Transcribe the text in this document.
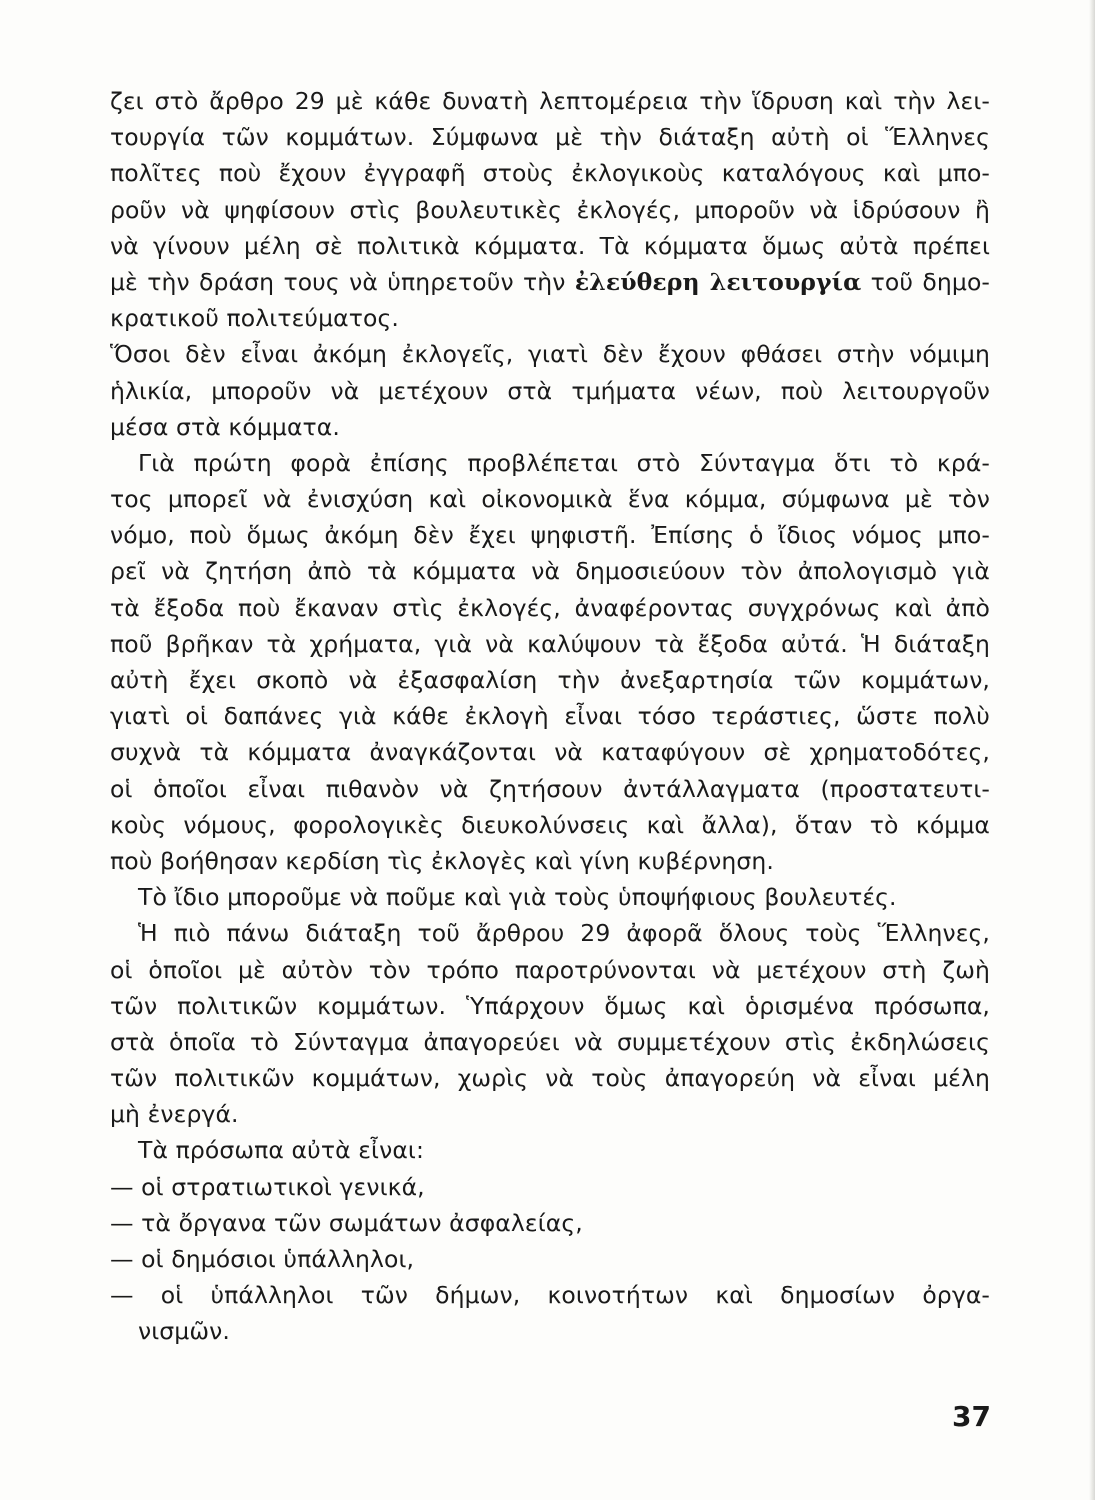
ζει στὸ ἄρθρο 29 μὲ κάθε δυνατὴ λεπτομέρεια τὴν ἵδρυση καὶ τὴν λει-
τουργία τῶν κομμάτων. Σύμφωνα μὲ τὴν διάταξη αὐτὴ οἱ Ἕλληνες
πολῖτες ποὺ ἔχουν ἐγγραφῆ στοὺς ἐκλογικοὺς καταλόγους καὶ μπο-
ροῦν νὰ ψηφίσουν στὶς βουλευτικὲς ἐκλογές, μποροῦν νὰ ἱδρύσουν ἢ
νὰ γίνουν μέλη σὲ πολιτικὰ κόμματα. Τὰ κόμματα ὅμως αὐτὰ πρέπει
μὲ τὴν δράση τους νὰ ὑπηρετοῦν τὴν ἐλεύθερη λειτουργία τοῦ δημο-
κρατικοῦ πολιτεύματος.
Ὅσοι δὲν εἶναι ἀκόμη ἐκλογεῖς, γιατὶ δὲν ἔχουν φθάσει στὴν νόμιμη
ἡλικία, μποροῦν νὰ μετέχουν στὰ τμήματα νέων, ποὺ λειτουργοῦν
μέσα στὰ κόμματα.
Γιὰ πρώτη φορὰ ἐπίσης προβλέπεται στὸ Σύνταγμα ὅτι τὸ κρά-
τος μπορεῖ νὰ ἐνισχύση καὶ οἰκονομικὰ ἕνα κόμμα, σύμφωνα μὲ τὸν
νόμο, ποὺ ὅμως ἀκόμη δὲν ἔχει ψηφιστῆ. Ἐπίσης ὁ ἴδιος νόμος μπο-
ρεῖ νὰ ζητήση ἀπὸ τὰ κόμματα νὰ δημοσιεύουν τὸν ἀπολογισμὸ γιὰ
τὰ ἔξοδα ποὺ ἔκαναν στὶς ἐκλογές, ἀναφέροντας συγχρόνως καὶ ἀπὸ
ποῦ βρῆκαν τὰ χρήματα, γιὰ νὰ καλύψουν τὰ ἔξοδα αὐτά. Ἡ διάταξη
αὐτὴ ἔχει σκοπὸ νὰ ἐξασφαλίση τὴν ἀνεξαρτησία τῶν κομμάτων,
γιατὶ οἱ δαπάνες γιὰ κάθε ἐκλογὴ εἶναι τόσο τεράστιες, ὥστε πολὺ
συχνὰ τὰ κόμματα ἀναγκάζονται νὰ καταφύγουν σὲ χρηματοδότες,
οἱ ὁποῖοι εἶναι πιθανὸν νὰ ζητήσουν ἀντάλλαγματα (προστατευτι-
κοὺς νόμους, φορολογικὲς διευκολύνσεις καὶ ἄλλα), ὅταν τὸ κόμμα
ποὺ βοήθησαν κερδίση τὶς ἐκλογὲς καὶ γίνη κυβέρνηση.
Τὸ ἴδιο μποροῦμε νὰ ποῦμε καὶ γιὰ τοὺς ὑποψήφιους βουλευτές.
Ἡ πιὸ πάνω διάταξη τοῦ ἄρθρου 29 ἀφορᾶ ὅλους τοὺς Ἕλληνες,
οἱ ὁποῖοι μὲ αὐτὸν τὸν τρόπο παροτρύνονται νὰ μετέχουν στὴ ζωὴ
τῶν πολιτικῶν κομμάτων. Ὑπάρχουν ὅμως καὶ ὁρισμένα πρόσωπα,
στὰ ὁποῖα τὸ Σύνταγμα ἀπαγορεύει νὰ συμμετέχουν στὶς ἐκδηλώσεις
τῶν πολιτικῶν κομμάτων, χωρὶς νὰ τοὺς ἀπαγορεύη νὰ εἶναι μέλη
μὴ ἐνεργά.
Τὰ πρόσωπα αὐτὰ εἶναι:
— οἱ στρατιωτικοὶ γενικά,
— τὰ ὄργανα τῶν σωμάτων ἀσφαλείας,
— οἱ δημόσιοι ὑπάλληλοι,
— οἱ ὑπάλληλοι τῶν δήμων, κοινοτήτων καὶ δημοσίων ὀργα-
νισμῶν.
37
